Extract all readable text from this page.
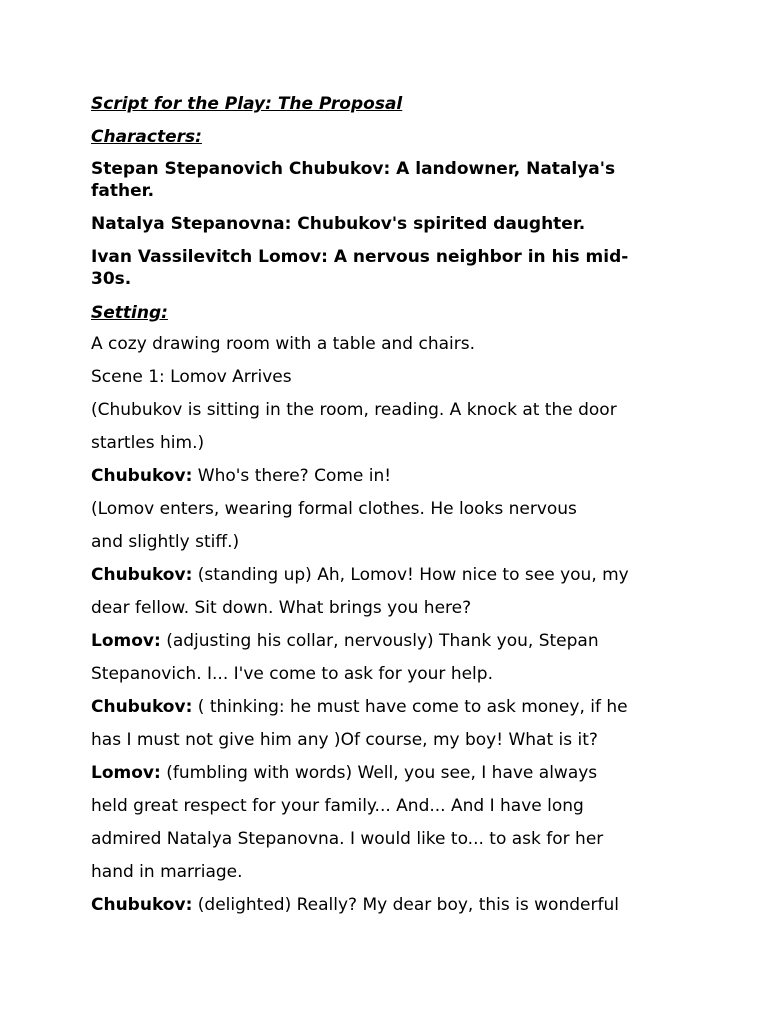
Script for the Play: The Proposal
Characters:
Stepan Stepanovich Chubukov: A landowner, Natalya's
father.
Natalya Stepanovna: Chubukov's spirited daughter.
Ivan Vassilevitch Lomov: A nervous neighbor in his mid-
30s.
Setting:
A cozy drawing room with a table and chairs.
Scene 1: Lomov Arrives
(Chubukov is sitting in the room, reading. A knock at the door
startles him.)
Chubukov: Who's there? Come in!
(Lomov enters, wearing formal clothes. He looks nervous
and slightly stiff.)
Chubukov: (standing up) Ah, Lomov! How nice to see you, my
dear fellow. Sit down. What brings you here?
Lomov: (adjusting his collar, nervously) Thank you, Stepan
Stepanovich. I... I've come to ask for your help.
Chubukov: ( thinking: he must have come to ask money, if he
has I must not give him any )Of course, my boy! What is it?
Lomov: (fumbling with words) Well, you see, I have always
held great respect for your family... And... And I have long
admired Natalya Stepanovna. I would like to... to ask for her
hand in marriage.
Chubukov: (delighted) Really? My dear boy, this is wonderful
